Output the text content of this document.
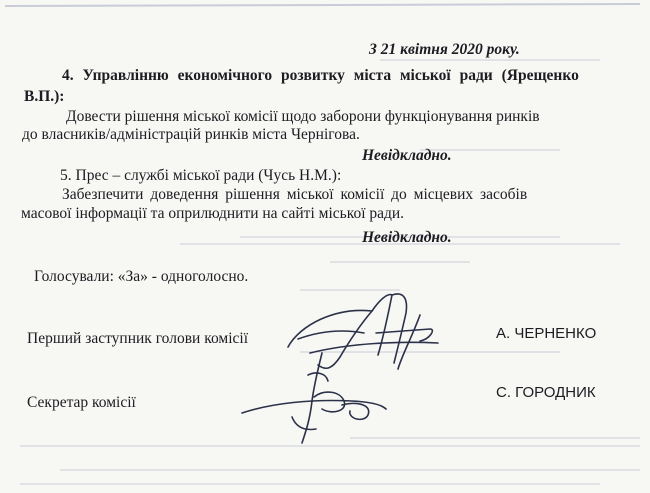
З 21 квітня 2020 року.
4. Управлінню економічного розвитку міста міської ради (Ярещенко
В.П.):
Довести рішення міської комісії щодо заборони функціонування ринків
до власників/адміністрацій ринків міста Чернігова.
Невідкладно.
5. Прес – службі міської ради (Чусь Н.М.):
Забезпечити доведення рішення міської комісії до місцевих засобів
масової інформації та оприлюднити на сайті міської ради.
Невідкладно.
Голосували: «За» - одноголосно.
Перший заступник голови комісії	А. ЧЕРНЕНКО
Секретар комісії
С. ГОРОДНИК
